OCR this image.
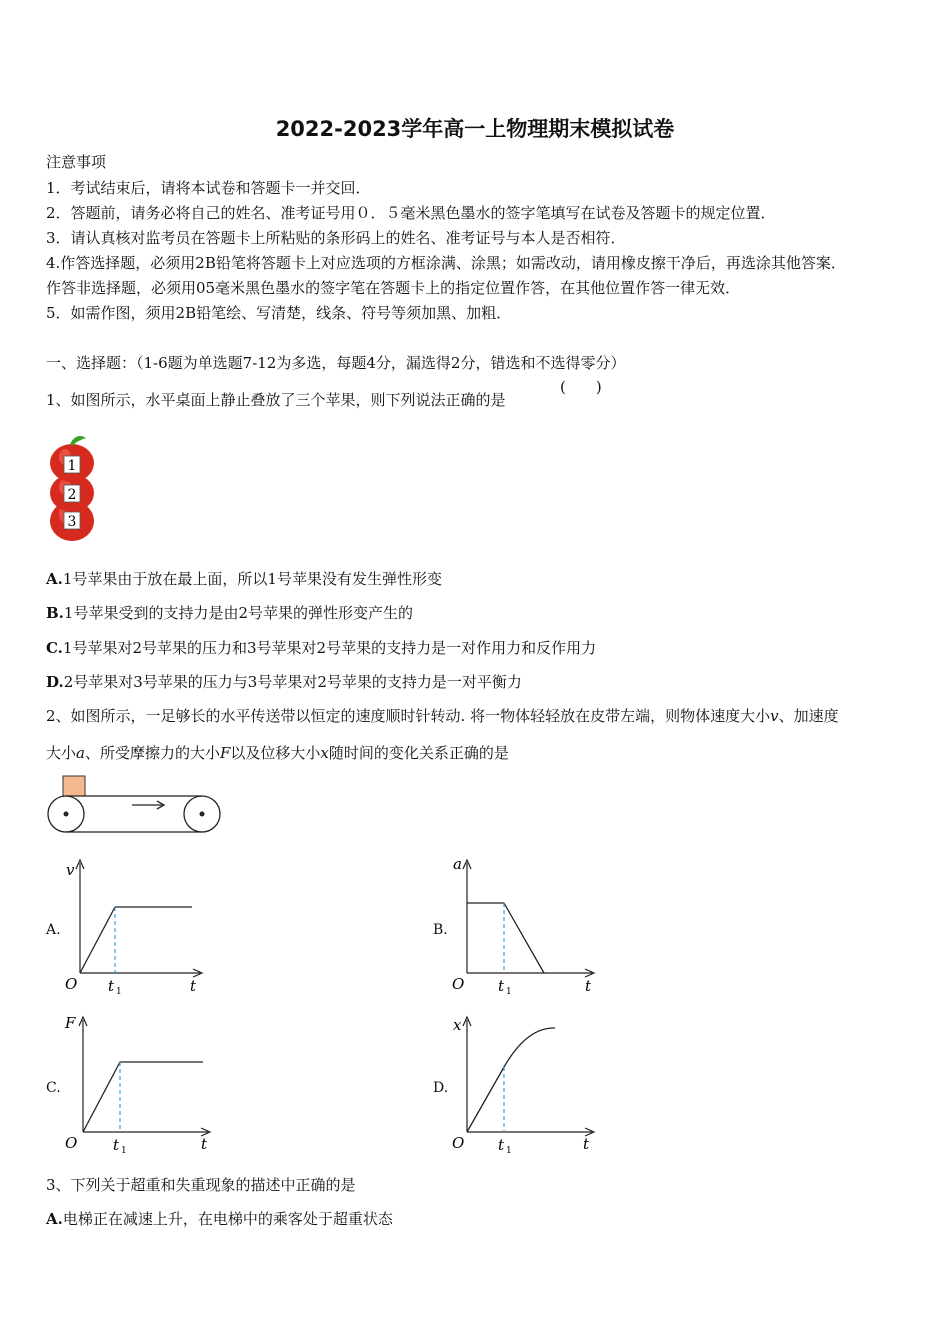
2022-2023学年高一上物理期末模拟试卷
注意事项
1．考试结束后，请将本试卷和答题卡一并交回．
2．答题前，请务必将自己的姓名、准考证号用０．５毫米黑色墨水的签字笔填写在试卷及答题卡的规定位置．
3．请认真核对监考员在答题卡上所粘贴的条形码上的姓名、准考证号与本人是否相符．
4.作答选择题，必须用2B铅笔将答题卡上对应选项的方框涂满、涂黑；如需改动，请用橡皮擦干净后，再选涂其他答案．
作答非选择题，必须用05毫米黑色墨水的签字笔在答题卡上的指定位置作答，在其他位置作答一律无效．
5．如需作图，须用2B铅笔绘、写清楚，线条、符号等须加黑、加粗．
一、选择题：（1-6题为单选题7-12为多选，每题4分，漏选得2分，错选和不选得零分）
1、如图所示，水平桌面上静止叠放了三个苹果，则下列说法正确的是
(　　)
3
2
1
A.1号苹果由于放在最上面，所以1号苹果没有发生弹性形变
B.1号苹果受到的支持力是由2号苹果的弹性形变产生的
C.1号苹果对2号苹果的压力和3号苹果对2号苹果的支持力是一对作用力和反作用力
D.2号苹果对3号苹果的压力与3号苹果对2号苹果的支持力是一对平衡力
2、如图所示，一足够长的水平传送带以恒定的速度顺时针转动. 将一物体轻轻放在皮带左端，则物体速度大小v、加速度
大小a、所受摩擦力的大小F以及位移大小x随时间的变化关系正确的是
A.
v
O t 1	t
B.
a
O t 1	t
C.
F
O t 1	t
D.
x
O t 1	t
3、下列关于超重和失重现象的描述中正确的是
A.电梯正在减速上升，在电梯中的乘客处于超重状态
